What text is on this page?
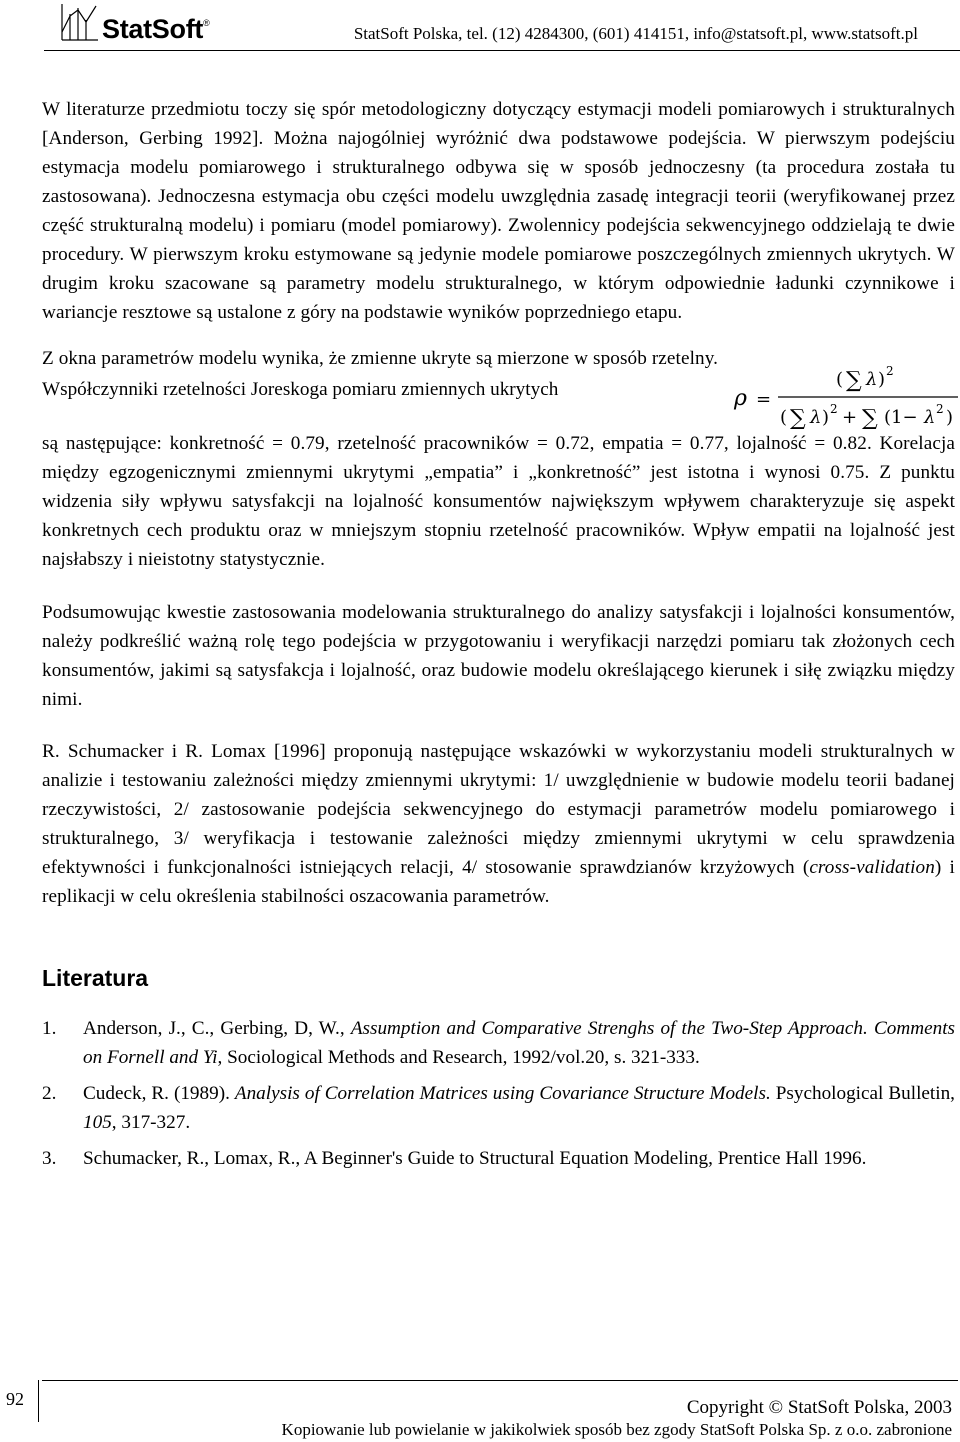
StatSoft®
StatSoft Polska, tel. (12) 4284300, (601) 414151, info@statsoft.pl, www.statsoft.pl

W literaturze przedmiotu toczy się spór metodologiczny dotyczący estymacji modeli pomiarowych i strukturalnych [Anderson, Gerbing 1992]. Można najogólniej wyróżnić dwa podstawowe podejścia. W pierwszym podejściu estymacja modelu pomiarowego i strukturalnego odbywa się w sposób jednoczesny (ta procedura została tu zastosowana). Jednoczesna estymacja obu części modelu uwzględnia zasadę integracji teorii (weryfikowanej przez część strukturalną modelu) i pomiaru (model pomiarowy). Zwolennicy podejścia sekwencyjnego oddzielają te dwie procedury. W pierwszym kroku estymowane są jedynie modele pomiarowe poszczególnych zmiennych ukrytych. W drugim kroku szacowane są parametry modelu strukturalnego, w którym odpowiednie ładunki czynnikowe i wariancje resztowe są ustalone z góry na podstawie wyników poprzedniego etapu.

Z okna parametrów modelu wynika, że zmienne ukryte są mierzone w sposób rzetelny.

Współczynniki rzetelności Joreskoga pomiaru zmiennych ukrytych	ρ =
( ∑ λ ) 2
( ∑ λ ) 2 + ∑ (1− λ 2 )

są następujące: konkretność = 0.79, rzetelność pracowników = 0.72, empatia = 0.77, lojalność = 0.82. Korelacja między egzogenicznymi zmiennymi ukrytymi „empatia” i „konkretność” jest istotna i wynosi 0.75. Z punktu widzenia siły wpływu satysfakcji na lojalność konsumentów największym wpływem charakteryzuje się aspekt konkretnych cech produktu oraz w mniejszym stopniu rzetelność pracowników. Wpływ empatii na lojalność jest najsłabszy i nieistotny statystycznie.

Podsumowując kwestie zastosowania modelowania strukturalnego do analizy satysfakcji i lojalności konsumentów, należy podkreślić ważną rolę tego podejścia w przygotowaniu i weryfikacji narzędzi pomiaru tak złożonych cech konsumentów, jakimi są satysfakcja i lojalność, oraz budowie modelu określającego kierunek i siłę związku między nimi.

R. Schumacker i R. Lomax [1996] proponują następujące wskazówki w wykorzystaniu modeli strukturalnych w analizie i testowaniu zależności między zmiennymi ukrytymi: 1/ uwzględnienie w budowie modelu teorii badanej rzeczywistości, 2/ zastosowanie podejścia sekwencyjnego do estymacji parametrów modelu pomiarowego i strukturalnego, 3/ weryfikacja i testowanie zależności między zmiennymi ukrytymi w celu sprawdzenia efektywności i funkcjonalności istniejących relacji, 4/ stosowanie sprawdzianów krzyżowych (cross-validation) i replikacji w celu określenia stabilności oszacowania parametrów.

Literatura
1.	Anderson, J., C., Gerbing, D, W., Assumption and Comparative Strenghs of the Two-Step Approach. Comments on Fornell and Yi, Sociological Methods and Research, 1992/vol.20, s. 321-333.
2.	Cudeck, R. (1989). Analysis of Correlation Matrices using Covariance Structure Models. Psychological Bulletin, 105, 317-327.
3.	Schumacker, R., Lomax, R., A Beginner's Guide to Structural Equation Modeling, Prentice Hall 1996.
92	Copyright © StatSoft Polska, 2003
Kopiowanie lub powielanie w jakikolwiek sposób bez zgody StatSoft Polska Sp. z o.o. zabronione
